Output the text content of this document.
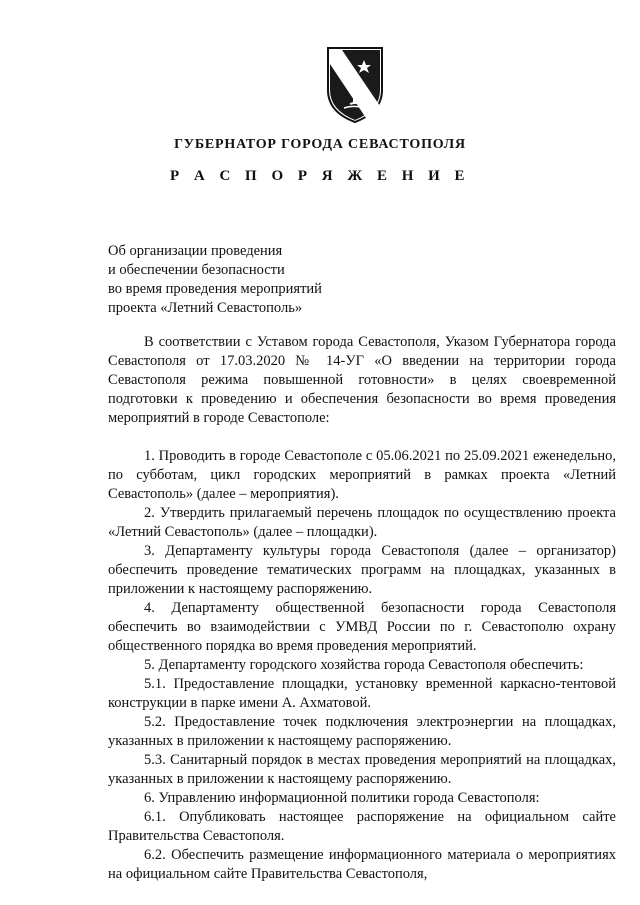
ГУБЕРНАТОР ГОРОДА СЕВАСТОПОЛЯ
Р А С П О Р Я Ж Е Н И Е
Об организации проведения
и обеспечении безопасности
во время проведения мероприятий
проекта «Летний Севастополь»

В соответствии с Уставом города Севастополя, Указом Губернатора города Севастополя от 17.03.2020 № 14-УГ «О введении на территории города Севастополя режима повышенной готовности» в целях своевременной подготовки к проведению и обеспечения безопасности во время проведения мероприятий в городе Севастополе:

1. Проводить в городе Севастополе с 05.06.2021 по 25.09.2021 еженедельно, по субботам, цикл городских мероприятий в рамках проекта «Летний Севастополь» (далее – мероприятия).

2. Утвердить прилагаемый перечень площадок по осуществлению проекта «Летний Севастополь» (далее – площадки).

3. Департаменту культуры города Севастополя (далее – организатор) обеспечить проведение тематических программ на площадках, указанных в приложении к настоящему распоряжению.

4. Департаменту общественной безопасности города Севастополя обеспечить во взаимодействии с УМВД России по г. Севастополю охрану общественного порядка во время проведения мероприятий.

5. Департаменту городского хозяйства города Севастополя обеспечить:

5.1. Предоставление площадки, установку временной каркасно-тентовой конструкции в парке имени А. Ахматовой.

5.2. Предоставление точек подключения электроэнергии на площадках, указанных в приложении к настоящему распоряжению.

5.3. Санитарный порядок в местах проведения мероприятий на площадках, указанных в приложении к настоящему распоряжению.

6. Управлению информационной политики города Севастополя:

6.1. Опубликовать настоящее распоряжение на официальном сайте Правительства Севастополя.

6.2. Обеспечить размещение информационного материала о мероприятиях на официальном сайте Правительства Севастополя,
